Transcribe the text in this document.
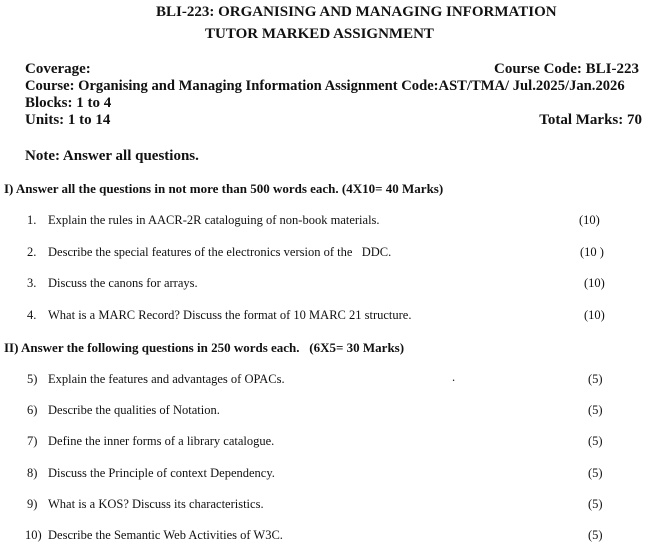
BLI-223: ORGANISING AND MANAGING INFORMATION
TUTOR MARKED ASSIGNMENT
Coverage:	Course Code: BLI-223
Course: Organising and Managing Information Assignment Code:AST/TMA/ Jul.2025/Jan.2026
Blocks: 1 to 4
Units: 1 to 14	Total Marks: 70
Note: Answer all questions.
I) Answer all the questions in not more than 500 words each. (4X10= 40 Marks)
1. Explain the rules in AACR-2R cataloguing of non-book materials.	(10)
2. Describe the special features of the electronics version of the   DDC.	(10 )
3. Discuss the canons for arrays.	(10)
4. What is a MARC Record? Discuss the format of 10 MARC 21 structure.	(10)
II) Answer the following questions in 250 words each.   (6X5= 30 Marks)
5) Explain the features and advantages of OPACs.	.	(5)
6) Describe the qualities of Notation.	(5)
7) Define the inner forms of a library catalogue.	(5)
8) Discuss the Principle of context Dependency.	(5)
9) What is a KOS? Discuss its characteristics.	(5)
10) Describe the Semantic Web Activities of W3C.	(5)
